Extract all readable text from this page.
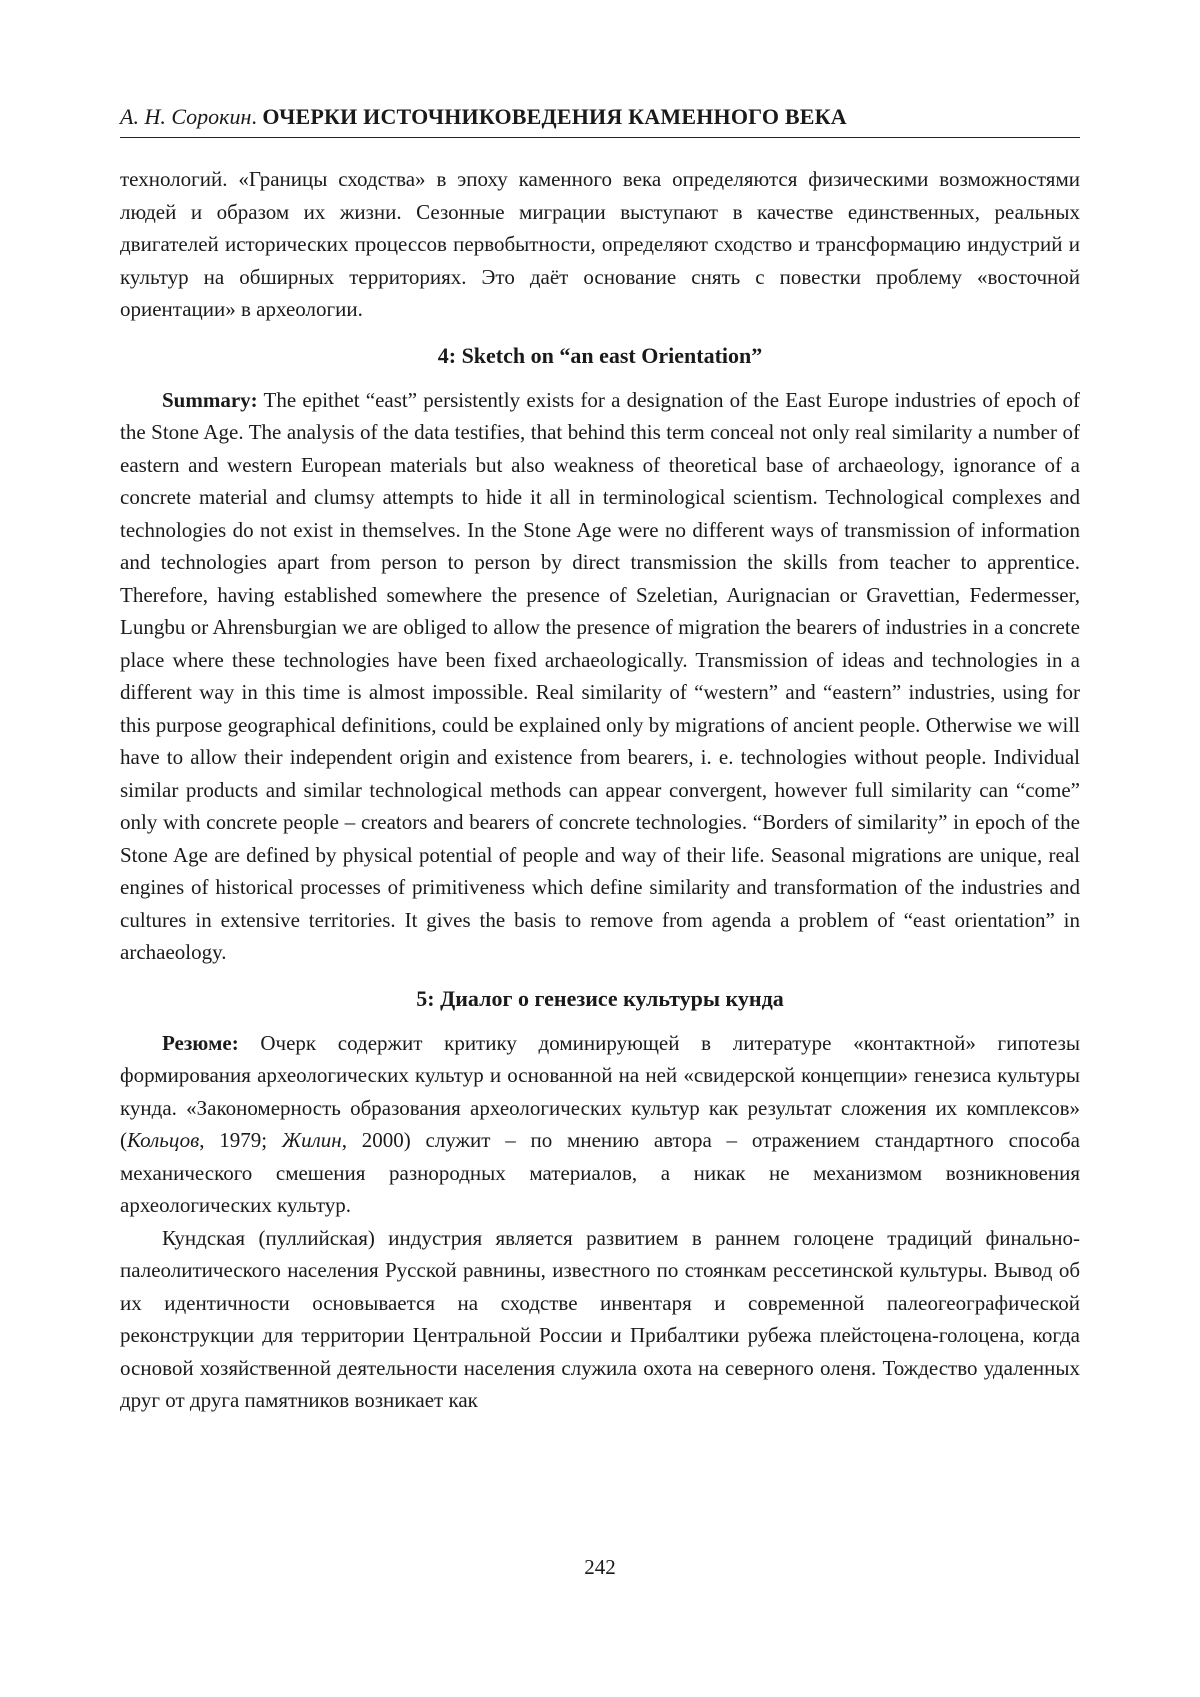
А. Н. Сорокин. ОЧЕРКИ ИСТОЧНИКОВЕДЕНИЯ КАМЕННОГО ВЕКА

технологий. «Границы сходства» в эпоху каменного века определяются физическими возможностями людей и образом их жизни. Сезонные миграции выступают в качестве единственных, реальных двигателей исторических процессов первобытности, определяют сходство и трансформацию индустрий и культур на обширных территориях. Это даёт основание снять с повестки проблему «восточной ориентации» в археологии.

4: Sketch on “an east Orientation”

Summary: The epithet “east” persistently exists for a designation of the East Europe industries of epoch of the Stone Age. The analysis of the data testifies, that behind this term conceal not only real similarity a number of eastern and western European materials but also weakness of theoretical base of archaeology, ignorance of a concrete material and clumsy attempts to hide it all in terminological scientism. Technological complexes and technologies do not exist in themselves. In the Stone Age were no different ways of transmission of information and technologies apart from person to person by direct transmission the skills from teacher to apprentice. Therefore, having established somewhere the presence of Szeletian, Aurignacian or Gravettian, Federmesser, Lungbu or Ahrensburgian we are obliged to allow the presence of migration the bearers of industries in a concrete place where these technologies have been fixed archaeologically. Transmission of ideas and technologies in a different way in this time is almost impossible. Real similarity of “western” and “eastern” industries, using for this purpose geographical definitions, could be explained only by migrations of ancient people. Otherwise we will have to allow their independent origin and existence from bearers, i. e. technologies without people. Individual similar products and similar technological methods can appear convergent, however full similarity can “come” only with concrete people – creators and bearers of concrete technologies. “Borders of similarity” in epoch of the Stone Age are defined by physical potential of people and way of their life. Seasonal migrations are unique, real engines of historical processes of primitiveness which define similarity and transformation of the industries and cultures in extensive territories. It gives the basis to remove from agenda a problem of “east orientation” in archaeology.

5: Диалог о генезисе культуры кунда

Резюме: Очерк содержит критику доминирующей в литературе «контактной» гипотезы формирования археологических культур и основанной на ней «свидерской концепции» генезиса культуры кунда. «Закономерность образования археологических культур как результат сложения их комплексов» (Кольцов, 1979; Жилин, 2000) служит – по мнению автора – отражением стандартного способа механического смешения разнородных материалов, а никак не механизмом возникновения археологических культур.

Кундская (пуллийская) индустрия является развитием в раннем голоцене традиций финально-палеолитического населения Русской равнины, известного по стоянкам рессетинской культуры. Вывод об их идентичности основывается на сходстве инвентаря и современной палеогеографической реконструкции для территории Центральной России и Прибалтики рубежа плейстоцена-голоцена, когда основой хозяйственной деятельности населения служила охота на северного оленя. Тождество удаленных друг от друга памятников возникает как

242
